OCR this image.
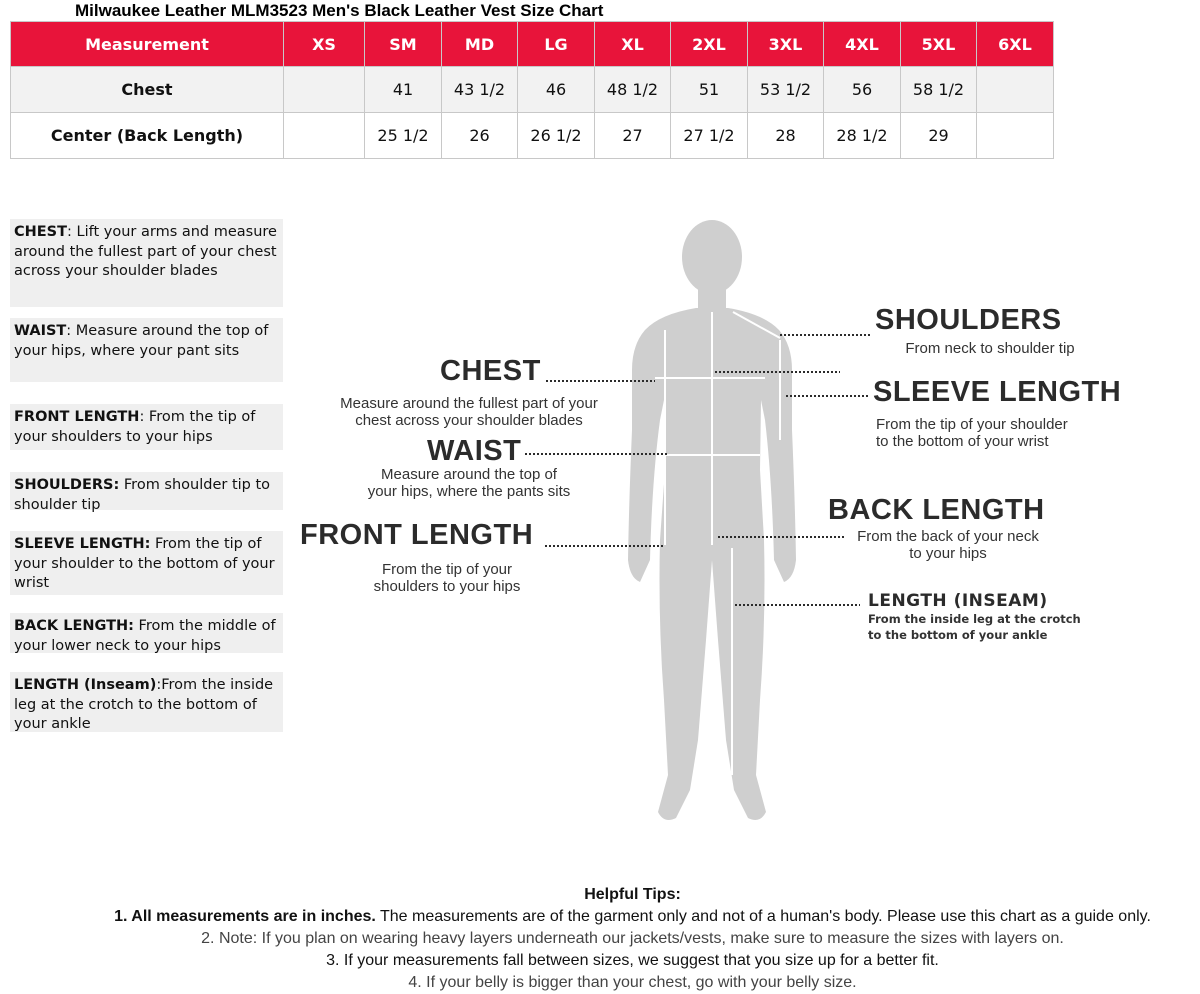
Milwaukee Leather MLM3523 Men's Black Leather Vest Size Chart
Measurement	XS	SM	MD	LG	XL	2XL	3XL	4XL	5XL	6XL
Chest		41	43 1/2	46	48 1/2	51	53 1/2	56	58 1/2	
Center (Back Length)		25 1/2	26	26 1/2	27	27 1/2	28	28 1/2	29	
CHEST: Lift your arms and measure around the fullest part of your chest across your shoulder blades
WAIST: Measure around the top of your hips, where your pant sits
FRONT LENGTH: From the tip of your shoulders to your hips
SHOULDERS: From shoulder tip to shoulder tip
SLEEVE LENGTH: From the tip of your shoulder to the bottom of your wrist
BACK LENGTH: From the middle of your lower neck to your hips
LENGTH (Inseam):From the inside leg at the crotch to the bottom of your ankle
CHEST
Measure around the fullest part of your
chest across your shoulder blades
WAIST
Measure around the top of
your hips, where the pants sits
FRONT LENGTH
From the tip of your
shoulders to your hips
SHOULDERS
From neck to shoulder tip
SLEEVE LENGTH
From the tip of your shoulder
to the bottom of your wrist
BACK LENGTH
From the back of your neck
to your hips
LENGTH (INSEAM)
From the inside leg at the crotch
to the bottom of your ankle
Helpful Tips:
1. All measurements are in inches. The measurements are of the garment only and not of a human's body. Please use this chart as a guide only.
2. Note: If you plan on wearing heavy layers underneath our jackets/vests, make sure to measure the sizes with layers on.
3. If your measurements fall between sizes, we suggest that you size up for a better fit.
4. If your belly is bigger than your chest, go with your belly size.
